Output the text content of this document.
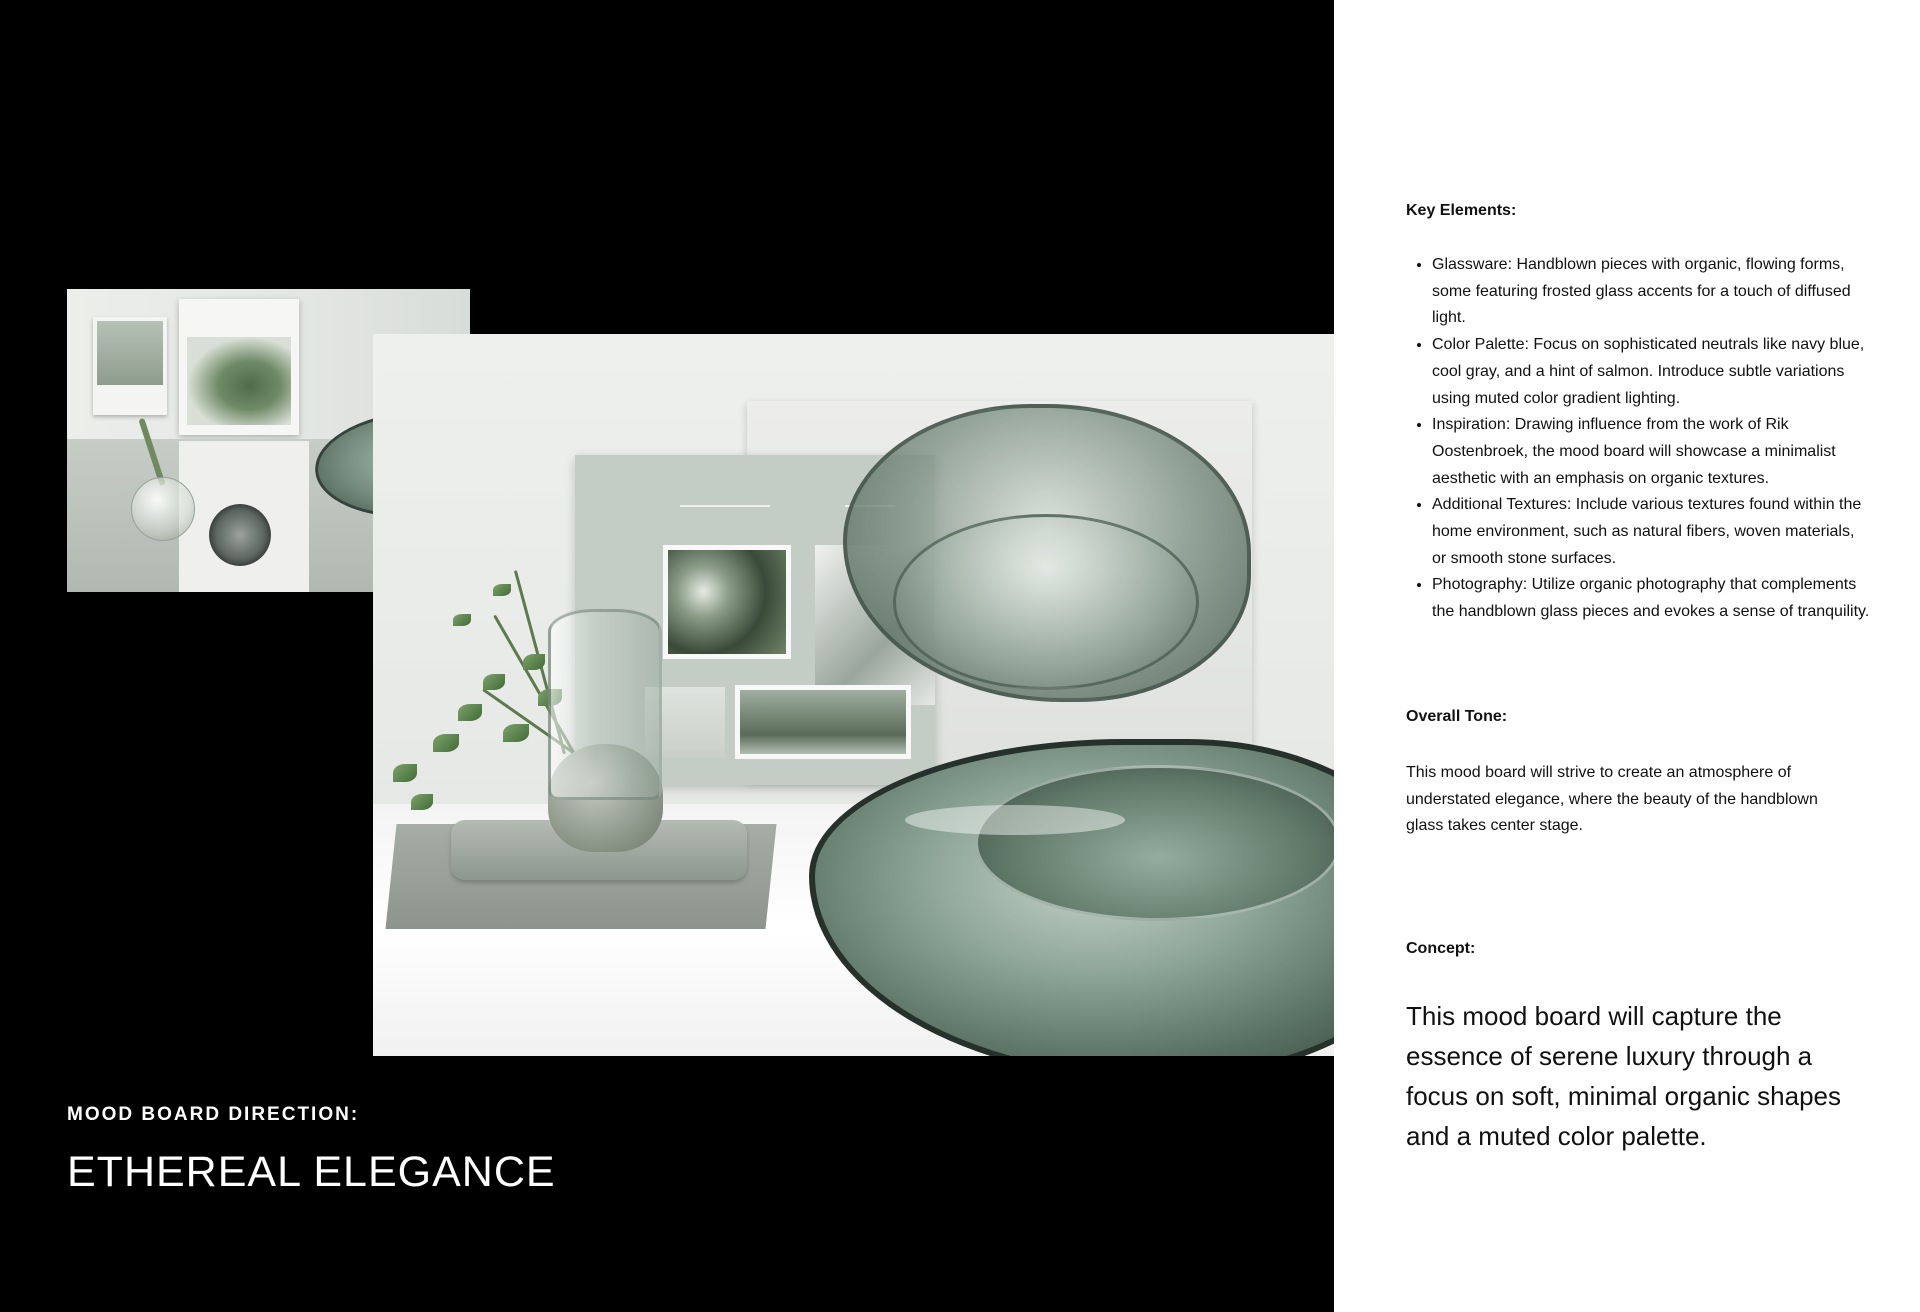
MOOD BOARD DIRECTION:

ETHEREAL ELEGANCE
Key Elements:
• Glassware: Handblown pieces with organic, flowing forms, some featuring frosted glass accents for a touch of diffused light.
• Color Palette: Focus on sophisticated neutrals like navy blue, cool gray, and a hint of salmon. Introduce subtle variations using muted color gradient lighting.
• Inspiration: Drawing influence from the work of Rik Oostenbroek, the mood board will showcase a minimalist aesthetic with an emphasis on organic textures.
• Additional Textures: Include various textures found within the home environment, such as natural fibers, woven materials, or smooth stone surfaces.
• Photography: Utilize organic photography that complements the handblown glass pieces and evokes a sense of tranquility.
Overall Tone:

This mood board will strive to create an atmosphere of understated elegance, where the beauty of the handblown glass takes center stage.

Concept:

This mood board will capture the essence of serene luxury through a focus on soft, minimal organic shapes and a muted color palette.
